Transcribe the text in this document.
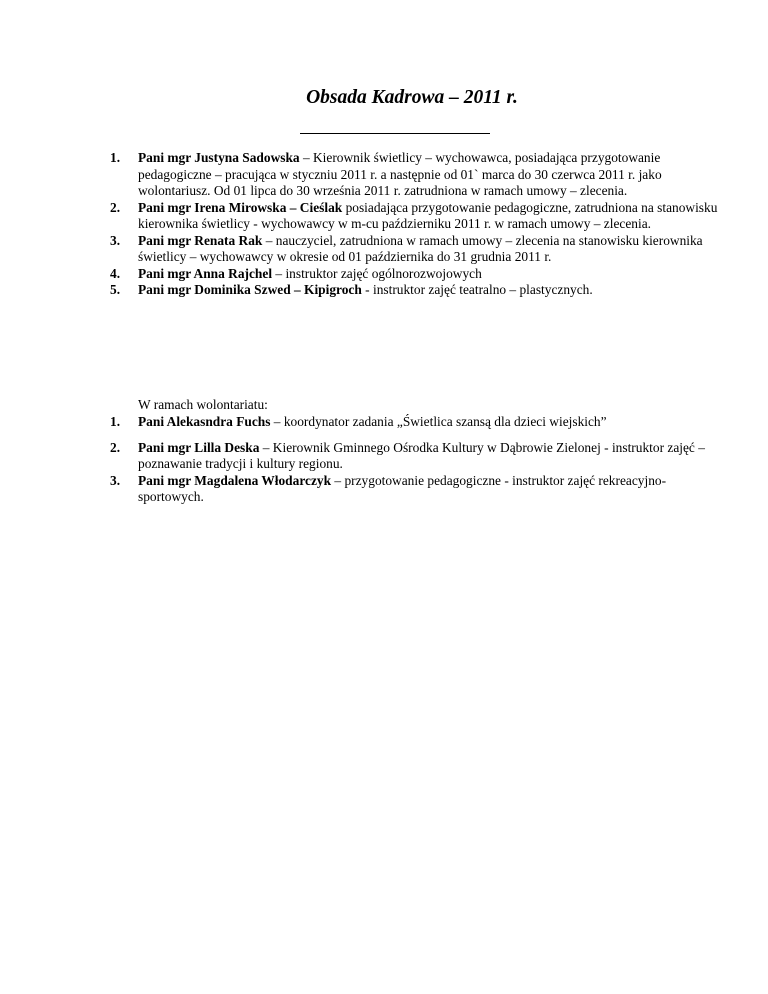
Obsada Kadrowa – 2011 r.
1. Pani mgr Justyna Sadowska – Kierownik świetlicy – wychowawca, posiadająca przygotowanie pedagogiczne – pracująca w styczniu 2011 r. a następnie od 01` marca do 30 czerwca 2011 r. jako wolontariusz. Od 01 lipca do 30 września 2011 r. zatrudniona w ramach umowy – zlecenia.
2. Pani mgr Irena Mirowska – Cieślak posiadająca przygotowanie pedagogiczne, zatrudniona na stanowisku kierownika świetlicy - wychowawcy w m-cu październiku 2011 r. w ramach umowy – zlecenia.
3. Pani mgr Renata Rak – nauczyciel, zatrudniona w ramach umowy – zlecenia na stanowisku kierownika świetlicy – wychowawcy w okresie od 01 października do 31 grudnia 2011 r.
4. Pani mgr Anna Rajchel – instruktor zajęć ogólnorozwojowych
5. Pani mgr Dominika Szwed – Kipigroch - instruktor zajęć teatralno – plastycznych.
W ramach wolontariatu:
1. Pani Alekasndra Fuchs – koordynator zadania „Świetlica szansą dla dzieci wiejskich”
2. Pani mgr Lilla Deska – Kierownik Gminnego Ośrodka Kultury w Dąbrowie Zielonej - instruktor zajęć – poznawanie tradycji i kultury regionu.
3. Pani mgr Magdalena Włodarczyk – przygotowanie pedagogiczne - instruktor zajęć rekreacyjno-sportowych.
